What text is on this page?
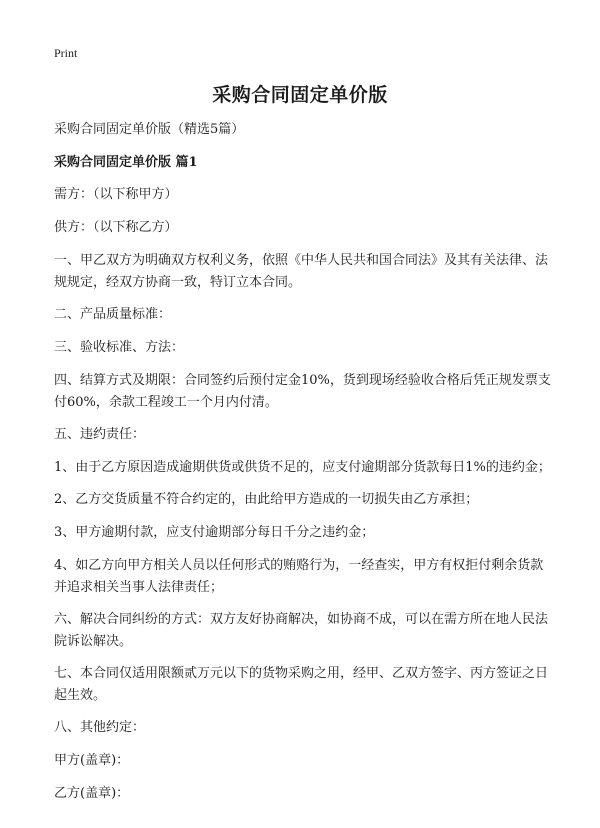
Print
采购合同固定单价版

采购合同固定单价版（精选5篇）

采购合同固定单价版 篇1

需方：（以下称甲方）

供方：（以下称乙方）

一、甲乙双方为明确双方权利义务，依照《中华人民共和国合同法》及其有关法律、法规规定，经双方协商一致，特订立本合同。

二、产品质量标准：

三、验收标准、方法：

四、结算方式及期限：合同签约后预付定金10%，货到现场经验收合格后凭正规发票支付60%，余款工程竣工一个月内付清。

五、违约责任：

1、由于乙方原因造成逾期供货或供货不足的，应支付逾期部分货款每日1%的违约金；

2、乙方交货质量不符合约定的，由此给甲方造成的一切损失由乙方承担；

3、甲方逾期付款，应支付逾期部分每日千分之违约金；

4、如乙方向甲方相关人员以任何形式的贿赂行为，一经查实，甲方有权拒付剩余货款并追求相关当事人法律责任；

六、解决合同纠纷的方式：双方友好协商解决，如协商不成，可以在需方所在地人民法院诉讼解决。

七、本合同仅适用限额贰万元以下的货物采购之用，经甲、乙双方签字、丙方签证之日起生效。

八、其他约定：

甲方(盖章)：

乙方(盖章)：
